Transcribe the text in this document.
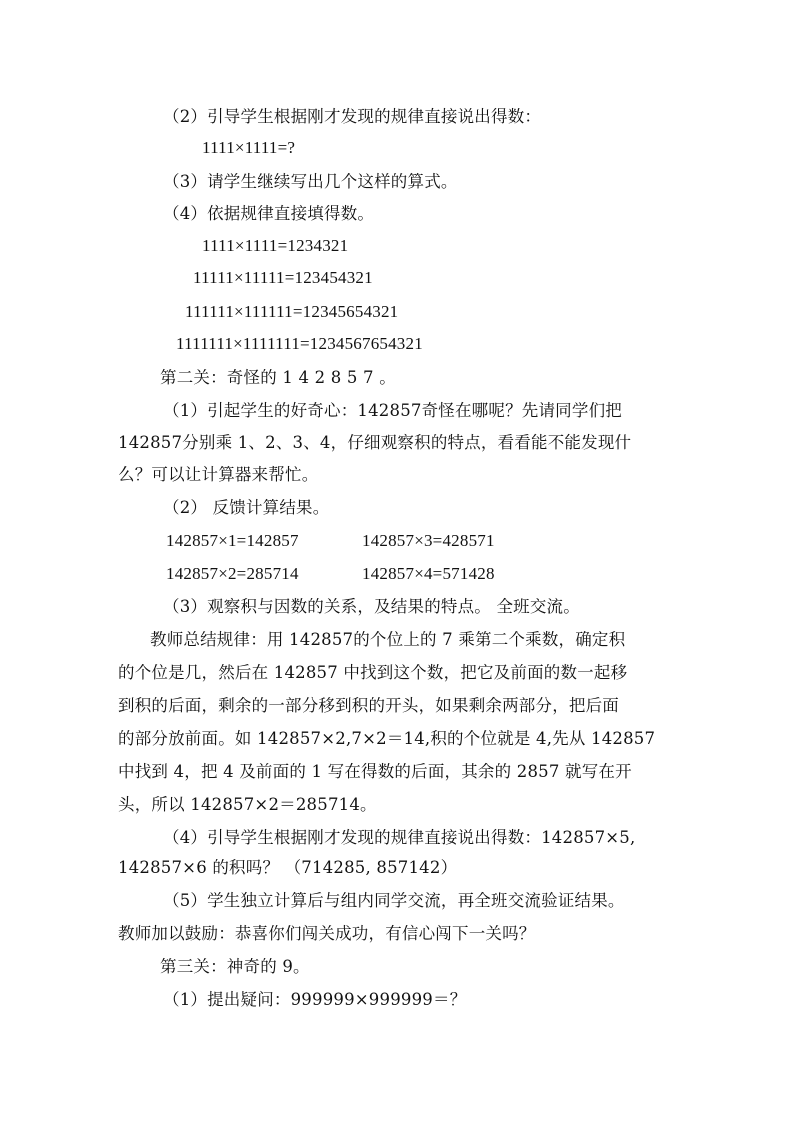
（2）引导学生根据刚才发现的规律直接说出得数：
1111×1111=?
（3）请学生继续写出几个这样的算式。
（4）依据规律直接填得数。
1111×1111=1234321
11111×11111=123454321
111111×111111=12345654321
1111111×1111111=1234567654321
第二关：奇怪的 1 4 2 8 5 7 。
（1）引起学生的好奇心：142857奇怪在哪呢？先请同学们把
142857分别乘 1、2、3、4，仔细观察积的特点，看看能不能发现什
么？可以让计算器来帮忙。
（2） 反馈计算结果。
142857×1=142857	142857×3=428571
142857×2=285714	142857×4=571428
（3）观察积与因数的关系，及结果的特点。 全班交流。
教师总结规律：用 142857的个位上的 7 乘第二个乘数，确定积
的个位是几，然后在 142857 中找到这个数，把它及前面的数一起移
到积的后面，剩余的一部分移到积的开头，如果剩余两部分，把后面
的部分放前面。如 142857×2,7×2＝14,积的个位就是 4,先从 142857
中找到 4，把 4 及前面的 1 写在得数的后面，其余的 2857 就写在开
头，所以 142857×2＝285714。
（4）引导学生根据刚才发现的规律直接说出得数：142857×5,
142857×6 的积吗？ （714285, 857142）
（5）学生独立计算后与组内同学交流，再全班交流验证结果。
教师加以鼓励：恭喜你们闯关成功，有信心闯下一关吗？
第三关：神奇的 9。
（1）提出疑问：999999×999999＝？
